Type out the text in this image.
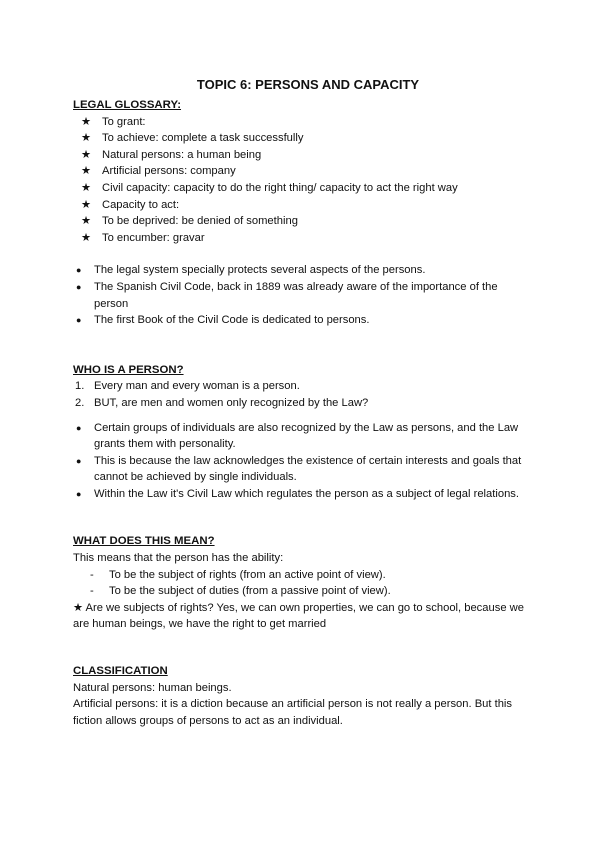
TOPIC 6: PERSONS AND CAPACITY
LEGAL GLOSSARY:
★ To grant:
★ To achieve: complete a task successfully
★ Natural persons: a human being
★ Artificial persons: company
★ Civil capacity: capacity to do the right thing/ capacity to act the right way
★ Capacity to act:
★ To be deprived: be denied of something
★ To encumber: gravar
● The legal system specially protects several aspects of the persons.
● The Spanish Civil Code, back in 1889 was already aware of the importance of the person
● The first Book of the Civil Code is dedicated to persons.
WHO IS A PERSON?
1. Every man and every woman is a person.
2. BUT, are men and women only recognized by the Law?
● Certain groups of individuals are also recognized by the Law as persons, and the Law grants them with personality.
● This is because the law acknowledges the existence of certain interests and goals that cannot be achieved by single individuals.
● Within the Law it's Civil Law which regulates the person as a subject of legal relations.
WHAT DOES THIS MEAN?

This means that the person has the ability:

- To be the subject of rights (from an active point of view).
- To be the subject of duties (from a passive point of view).

★ Are we subjects of rights? Yes, we can own properties, we can go to school, because we are human beings, we have the right to get married

CLASSIFICATION

Natural persons: human beings.

Artificial persons: it is a diction because an artificial person is not really a person. But this fiction allows groups of persons to act as an individual.
